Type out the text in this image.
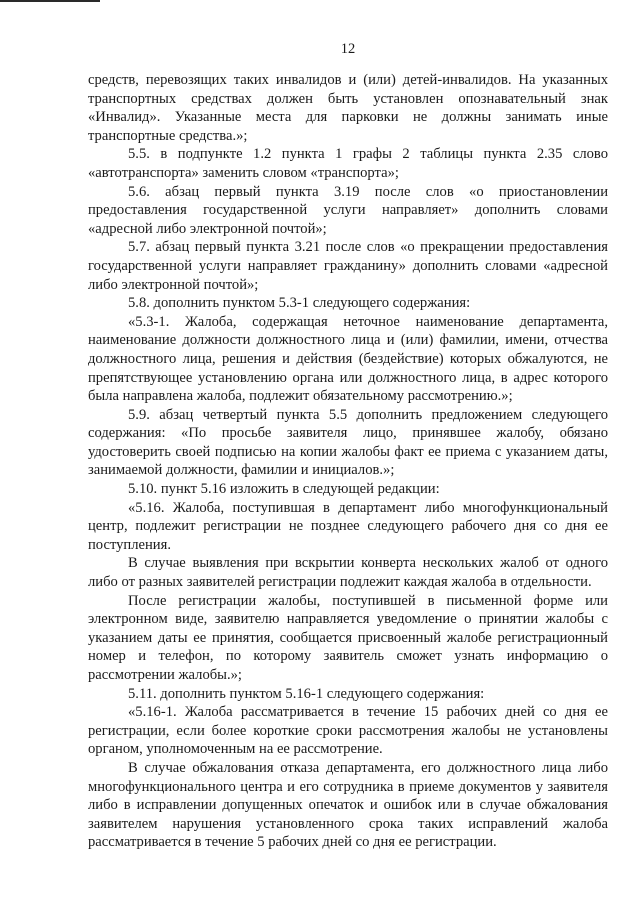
12

средств, перевозящих таких инвалидов и (или) детей-инвалидов. На указанных транспортных средствах должен быть установлен опознавательный знак «Инвалид». Указанные места для парковки не должны занимать иные транспортные средства.»;

5.5. в подпункте 1.2 пункта 1 графы 2 таблицы пункта 2.35 слово «автотранспорта» заменить словом «транспорта»;

5.6. абзац первый пункта 3.19 после слов «о приостановлении предоставления государственной услуги направляет» дополнить словами «адресной либо электронной почтой»;

5.7. абзац первый пункта 3.21 после слов «о прекращении предоставления государственной услуги направляет гражданину» дополнить словами «адресной либо электронной почтой»;

5.8. дополнить пунктом 5.3-1 следующего содержания:

«5.3-1. Жалоба, содержащая неточное наименование департамента, наименование должности должностного лица и (или) фамилии, имени, отчества должностного лица, решения и действия (бездействие) которых обжалуются, не препятствующее установлению органа или должностного лица, в адрес которого была направлена жалоба, подлежит обязательному рассмотрению.»;

5.9. абзац четвертый пункта 5.5 дополнить предложением следующего содержания: «По просьбе заявителя лицо, принявшее жалобу, обязано удостоверить своей подписью на копии жалобы факт ее приема с указанием даты, занимаемой должности, фамилии и инициалов.»;

5.10. пункт 5.16 изложить в следующей редакции:

«5.16. Жалоба, поступившая в департамент либо многофункциональный центр, подлежит регистрации не позднее следующего рабочего дня со дня ее поступления.

В случае выявления при вскрытии конверта нескольких жалоб от одного либо от разных заявителей регистрации подлежит каждая жалоба в отдельности.

После регистрации жалобы, поступившей в письменной форме или электронном виде, заявителю направляется уведомление о принятии жалобы с указанием даты ее принятия, сообщается присвоенный жалобе регистрационный номер и телефон, по которому заявитель сможет узнать информацию о рассмотрении жалобы.»;

5.11. дополнить пунктом 5.16-1 следующего содержания:

«5.16-1. Жалоба рассматривается в течение 15 рабочих дней со дня ее регистрации, если более короткие сроки рассмотрения жалобы не установлены органом, уполномоченным на ее рассмотрение.

В случае обжалования отказа департамента, его должностного лица либо многофункционального центра и его сотрудника в приеме документов у заявителя либо в исправлении допущенных опечаток и ошибок или в случае обжалования заявителем нарушения установленного срока таких исправлений жалоба рассматривается в течение 5 рабочих дней со дня ее регистрации.
